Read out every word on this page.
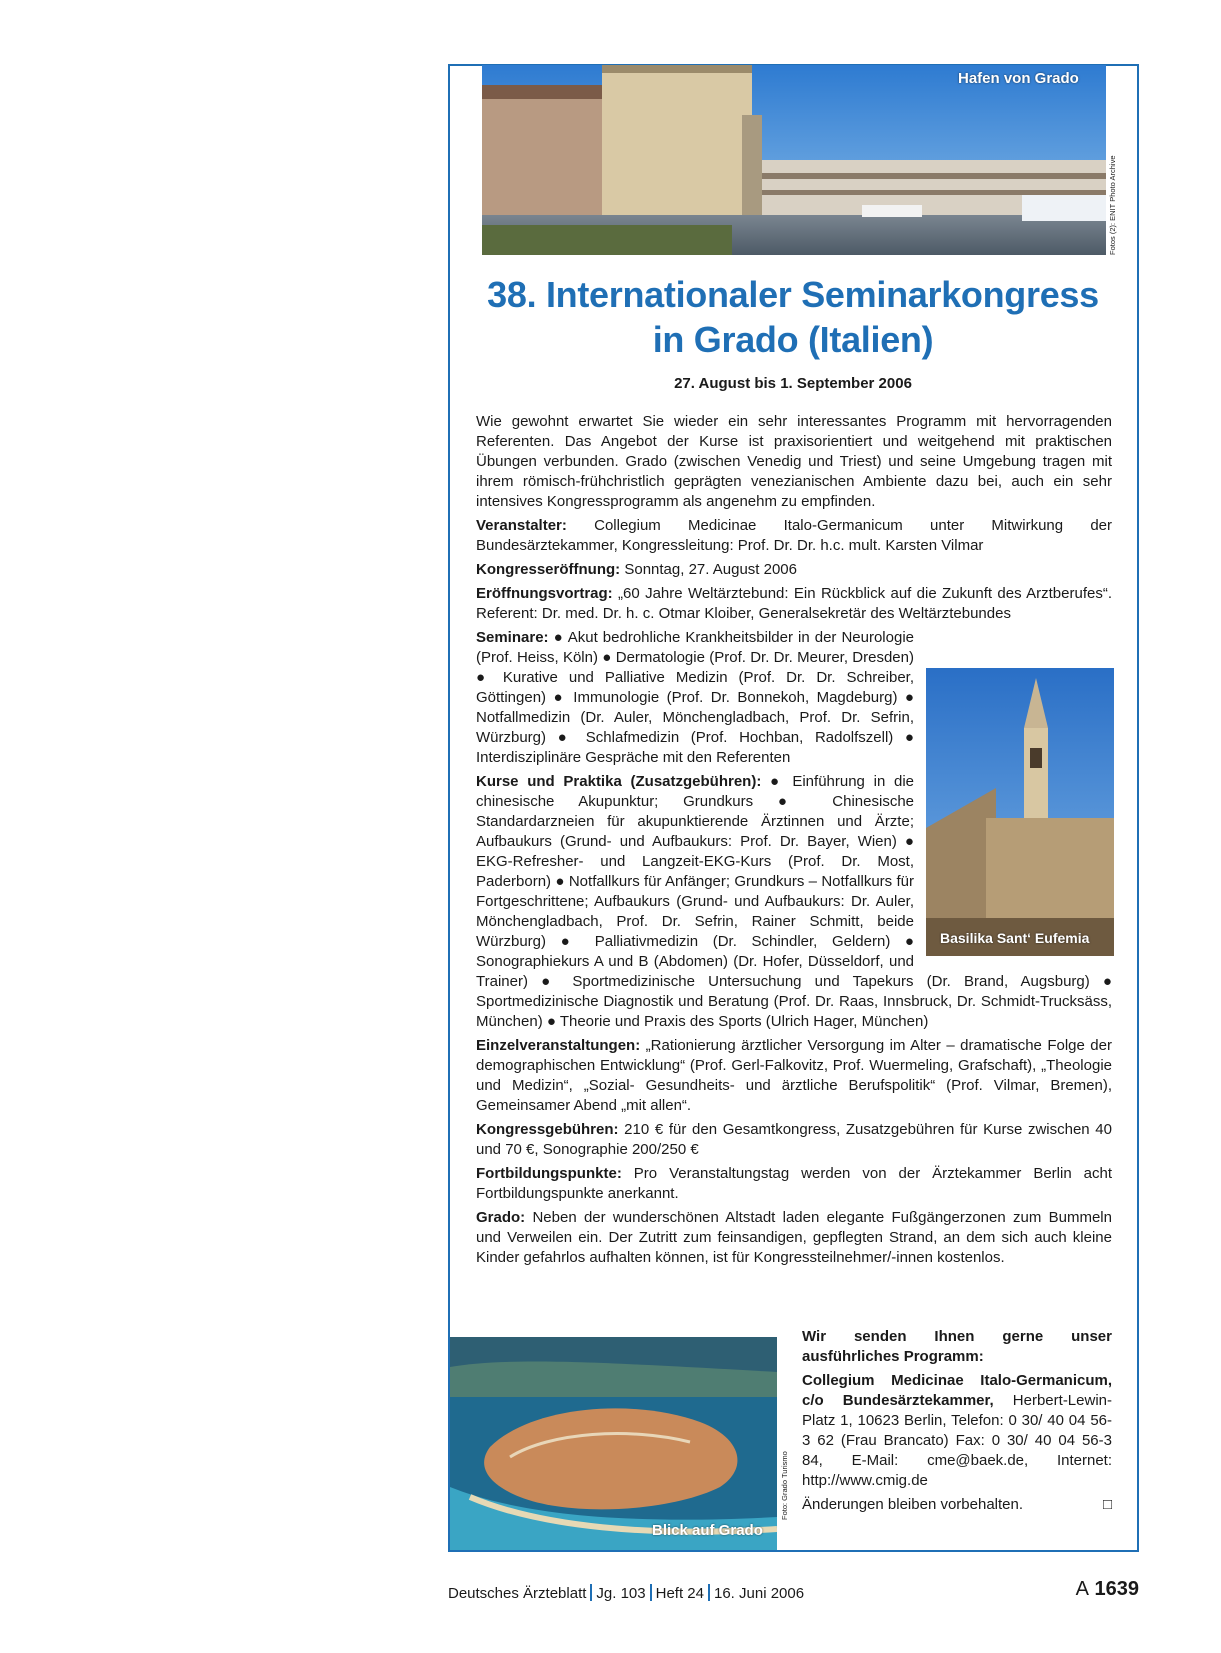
Hafen von Grado
Fotos (2): ENIT Photo Archive
38. Internationaler Seminarkongress
in Grado (Italien)
27. August bis 1. September 2006

Wie gewohnt erwartet Sie wieder ein sehr interessantes Programm mit hervorragenden Referenten. Das Angebot der Kurse ist praxisorientiert und weitgehend mit praktischen Übungen verbunden. Grado (zwischen Venedig und Triest) und seine Umgebung tragen mit ihrem römisch-frühchristlich geprägten venezianischen Ambiente dazu bei, auch ein sehr intensives Kongressprogramm als angenehm zu empfinden.

Veranstalter: Collegium Medicinae Italo-Germanicum unter Mitwirkung der Bundesärztekammer, Kongressleitung: Prof. Dr. Dr. h.c. mult. Karsten Vilmar

Kongresseröffnung: Sonntag, 27. August 2006

Eröffnungsvortrag: „60 Jahre Weltärztebund: Ein Rückblick auf die Zukunft des Arztberufes“. Referent: Dr. med. Dr. h. c. Otmar Kloiber, Generalsekretär des Weltärztebundes

Basilika Sant‘ Eufemia

Seminare: ● Akut bedrohliche Krankheitsbilder in der Neurologie (Prof. Heiss, Köln) ● Dermatologie (Prof. Dr. Dr. Meurer, Dresden) ● Kurative und Palliative Medizin (Prof. Dr. Dr. Schreiber, Göttingen) ● Immunologie (Prof. Dr. Bonnekoh, Magdeburg) ● Notfallmedizin (Dr. Auler, Mönchengladbach, Prof. Dr. Sefrin, Würzburg) ● Schlafmedizin (Prof. Hochban, Radolfszell) ● Interdisziplinäre Gespräche mit den Referenten

Kurse und Praktika (Zusatzgebühren): ● Einführung in die chinesische Akupunktur; Grundkurs ● Chinesische Standardarzneien für akupunktierende Ärztinnen und Ärzte; Aufbaukurs (Grund- und Aufbaukurs: Prof. Dr. Bayer, Wien) ● EKG-Refresher- und Langzeit-EKG-Kurs (Prof. Dr. Most, Paderborn) ● Notfallkurs für Anfänger; Grundkurs – Notfallkurs für Fortgeschrittene; Aufbaukurs (Grund- und Aufbaukurs: Dr. Auler, Mönchengladbach, Prof. Dr. Sefrin, Rainer Schmitt, beide Würzburg) ● Palliativmedizin (Dr. Schindler, Geldern) ● Sonographiekurs A und B (Abdomen) (Dr. Hofer, Düsseldorf, und Trainer) ● Sportmedizinische Untersuchung und Tapekurs (Dr. Brand, Augsburg) ● Sportmedizinische Diagnostik und Beratung (Prof. Dr. Raas, Innsbruck, Dr. Schmidt-Trucksäss, München) ● Theorie und Praxis des Sports (Ulrich Hager, München)

Einzelveranstaltungen: „Rationierung ärztlicher Versorgung im Alter – dramatische Folge der demographischen Entwicklung“ (Prof. Gerl-Falkovitz, Prof. Wuermeling, Grafschaft), „Theologie und Medizin“, „Sozial- Gesundheits- und ärztliche Berufspolitik“ (Prof. Vilmar, Bremen), Gemeinsamer Abend „mit allen“.

Kongressgebühren: 210 € für den Gesamtkongress, Zusatzgebühren für Kurse zwischen 40 und 70 €, Sonographie 200/250 €

Fortbildungspunkte: Pro Veranstaltungstag werden von der Ärztekammer Berlin acht Fortbildungspunkte anerkannt.

Grado: Neben der wunderschönen Altstadt laden elegante Fußgängerzonen zum Bummeln und Verweilen ein. Der Zutritt zum feinsandigen, gepflegten Strand, an dem sich auch kleine Kinder gefahrlos aufhalten können, ist für Kongressteilnehmer/-innen kostenlos.

Blick auf Grado
Foto: Grado Turismo

Wir senden Ihnen gerne unser ausführliches Programm:

Collegium Medicinae Italo-Germanicum, c/o Bundesärztekammer, Herbert-Lewin-Platz 1, 10623 Berlin, Telefon: 0 30/ 40 04 56-3 62 (Frau Brancato) Fax: 0 30/ 40 04 56-3 84, E-Mail: cme@baek.de, Internet: http://www.cmig.de

Änderungen bleiben vorbehalten.	□

Deutsches Ärzteblatt Jg. 103 Heft 24 16. Juni 2006	A 1639
